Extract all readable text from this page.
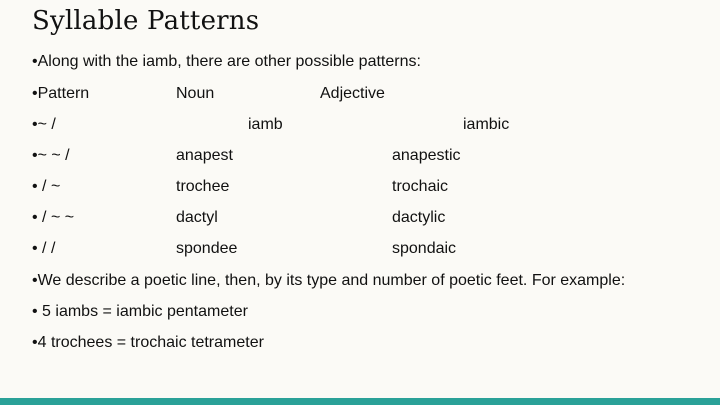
Syllable Patterns
•Along with the iamb, there are other possible patterns:
•Pattern	Noun	Adjective
•~ /	iamb	iambic
•~ ~ /	anapest	anapestic
• / ~	trochee	trochaic
• / ~ ~	dactyl	dactylic
• / /	spondee	spondaic
•We describe a poetic line, then, by its type and number of poetic feet. For example:
• 5 iambs = iambic pentameter
•4 trochees = trochaic tetrameter
